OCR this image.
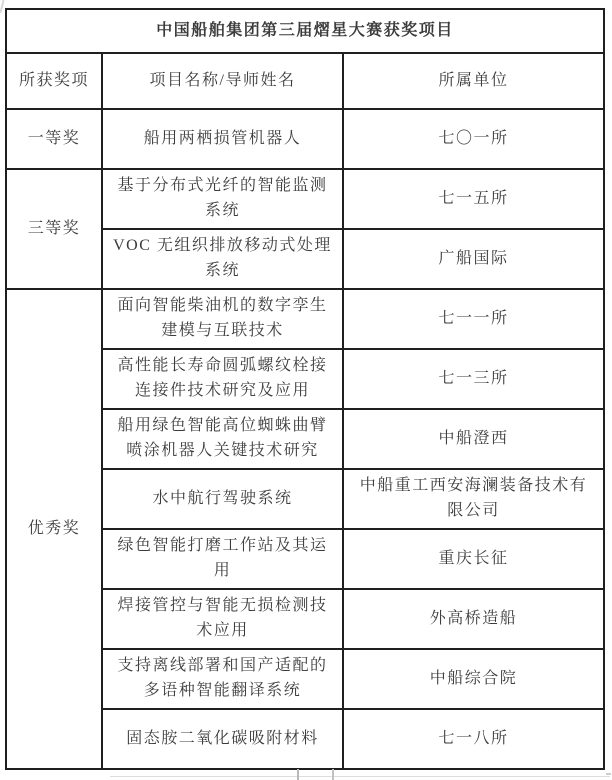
中国船舶集团第三届熠星大赛获奖项目		
所获奖项	项目名称/导师姓名	所属单位
一等奖	船用两栖损管机器人	七〇一所
三等奖	基于分布式光纤的智能监测系统	七一五所
	VOC 无组织排放移动式处理系统	广船国际
优秀奖	面向智能柴油机的数字孪生建模与互联技术	七一一所
	高性能长寿命圆弧螺纹栓接连接件技术研究及应用	七一三所
	船用绿色智能高位蜘蛛曲臂喷涂机器人关键技术研究	中船澄西
	水中航行驾驶系统	中船重工西安海澜装备技术有限公司
	绿色智能打磨工作站及其运用	重庆长征
	焊接管控与智能无损检测技术应用	外高桥造船
	支持离线部署和国产适配的多语种智能翻译系统	中船综合院
	固态胺二氧化碳吸附材料	七一八所
